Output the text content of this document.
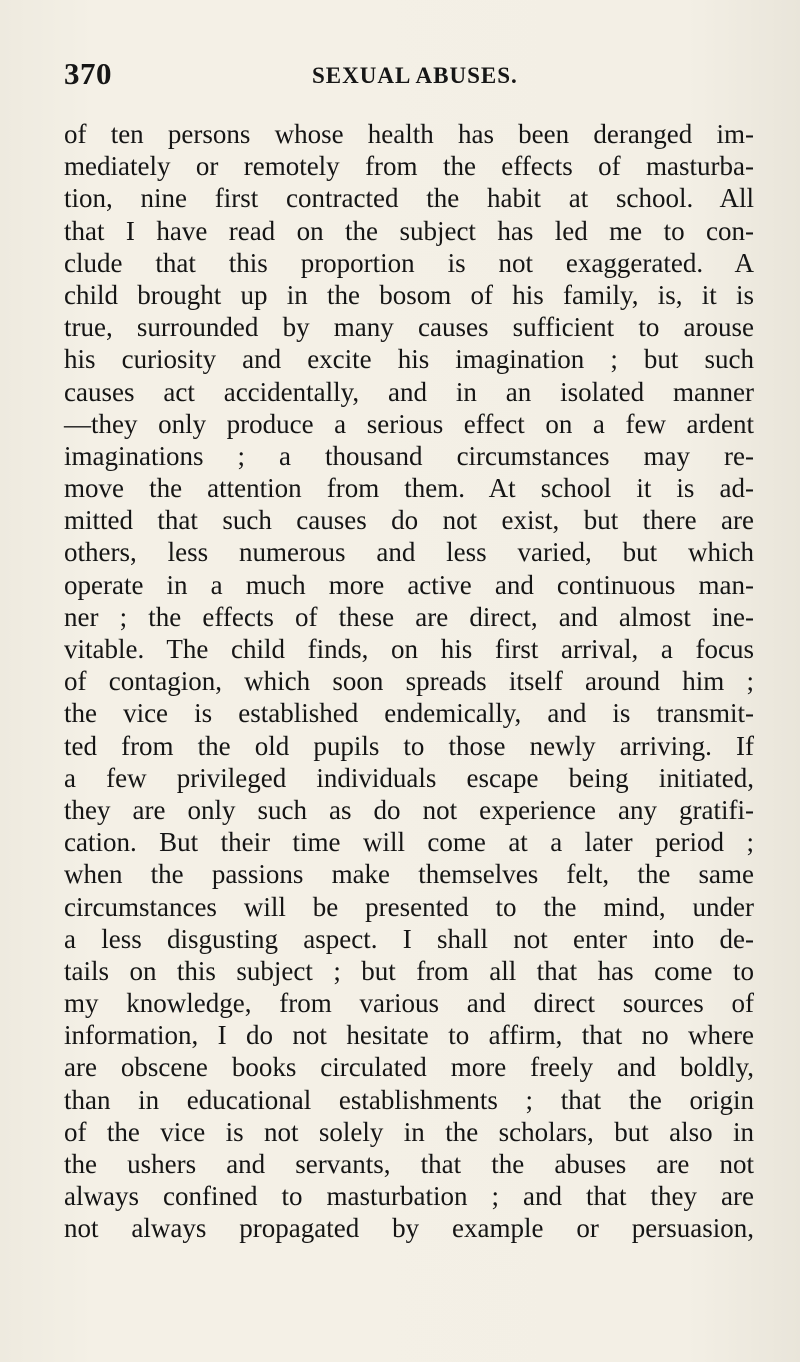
370	SEXUAL ABUSES.
of ten persons whose health has been deranged im-
mediately or remotely from the effects of masturba-
tion, nine first contracted the habit at school. All
that I have read on the subject has led me to con-
clude that this proportion is not exaggerated. A
child brought up in the bosom of his family, is, it is
true, surrounded by many causes sufficient to arouse
his curiosity and excite his imagination ; but such
causes act accidentally, and in an isolated manner
—they only produce a serious effect on a few ardent
imaginations ; a thousand circumstances may re-
move the attention from them. At school it is ad-
mitted that such causes do not exist, but there are
others, less numerous and less varied, but which
operate in a much more active and continuous man-
ner ; the effects of these are direct, and almost ine-
vitable. The child finds, on his first arrival, a focus
of contagion, which soon spreads itself around him ;
the vice is established endemically, and is transmit-
ted from the old pupils to those newly arriving. If
a few privileged individuals escape being initiated,
they are only such as do not experience any gratifi-
cation. But their time will come at a later period ;
when the passions make themselves felt, the same
circumstances will be presented to the mind, under
a less disgusting aspect. I shall not enter into de-
tails on this subject ; but from all that has come to
my knowledge, from various and direct sources of
information, I do not hesitate to affirm, that no where
are obscene books circulated more freely and boldly,
than in educational establishments ; that the origin
of the vice is not solely in the scholars, but also in
the ushers and servants, that the abuses are not
always confined to masturbation ; and that they are
not always propagated by example or persuasion,
